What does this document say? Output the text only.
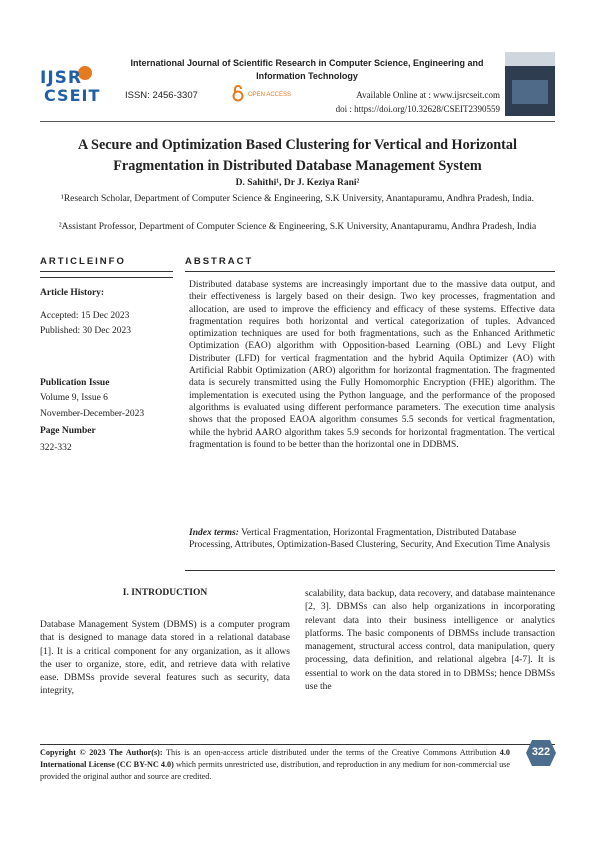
IJSR
CSEIT
International Journal of Scientific Research in Computer Science, Engineering and Information Technology
ISSN: 2456-3307	OPEN ACCESS	Available Online at : www.ijsrcseit.com
doi : https://doi.org/10.32628/CSEIT2390559
A Secure and Optimization Based Clustering for Vertical and Horizontal Fragmentation in Distributed Database Management System
D. Sahithi¹, Dr J. Keziya Rani²
¹Research Scholar, Department of Computer Science & Engineering, S.K University, Anantapuramu, Andhra Pradesh, India.
²Assistant Professor, Department of Computer Science & Engineering, S.K University, Anantapuramu, Andhra Pradesh, India
ARTICLEINFO	ABSTRACT
Article History:
Accepted: 15 Dec 2023
Published: 30 Dec 2023
Publication Issue
Volume 9, Issue 6
November-December-2023
Page Number
322-332
Distributed database systems are increasingly important due to the massive data output, and their effectiveness is largely based on their design. Two key processes, fragmentation and allocation, are used to improve the efficiency and efficacy of these systems. Effective data fragmentation requires both horizontal and vertical categorization of tuples. Advanced optimization techniques are used for both fragmentations, such as the Enhanced Arithmetic Optimization (EAO) algorithm with Opposition-based Learning (OBL) and Levy Flight Distributer (LFD) for vertical fragmentation and the hybrid Aquila Optimizer (AO) with Artificial Rabbit Optimization (ARO) algorithm for horizontal fragmentation. The fragmented data is securely transmitted using the Fully Homomorphic Encryption (FHE) algorithm. The implementation is executed using the Python language, and the performance of the proposed algorithms is evaluated using different performance parameters. The execution time analysis shows that the proposed EAOA algorithm consumes 5.5 seconds for vertical fragmentation, while the hybrid AARO algorithm takes 5.9 seconds for horizontal fragmentation. The vertical fragmentation is found to be better than the horizontal one in DDBMS.
Index terms: Vertical Fragmentation, Horizontal Fragmentation, Distributed Database Processing, Attributes, Optimization-Based Clustering, Security, And Execution Time Analysis
I. INTRODUCTION
Database Management System (DBMS) is a computer program that is designed to manage data stored in a relational database [1]. It is a critical component for any organization, as it allows the user to organize, store, edit, and retrieve data with relative ease. DBMSs provide several features such as security, data integrity,
scalability, data backup, data recovery, and database maintenance [2, 3]. DBMSs can also help organizations in incorporating relevant data into their business intelligence or analytics platforms. The basic components of DBMSs include transaction management, structural access control, data manipulation, query processing, data definition, and relational algebra [4-7]. It is essential to work on the data stored in to DBMSs; hence DBMSs use the
Copyright © 2023 The Author(s): This is an open-access article distributed under the terms of the Creative Commons Attribution 4.0 International License (CC BY-NC 4.0) which permits unrestricted use, distribution, and reproduction in any medium for non-commercial use provided the original author and source are credited.
322
